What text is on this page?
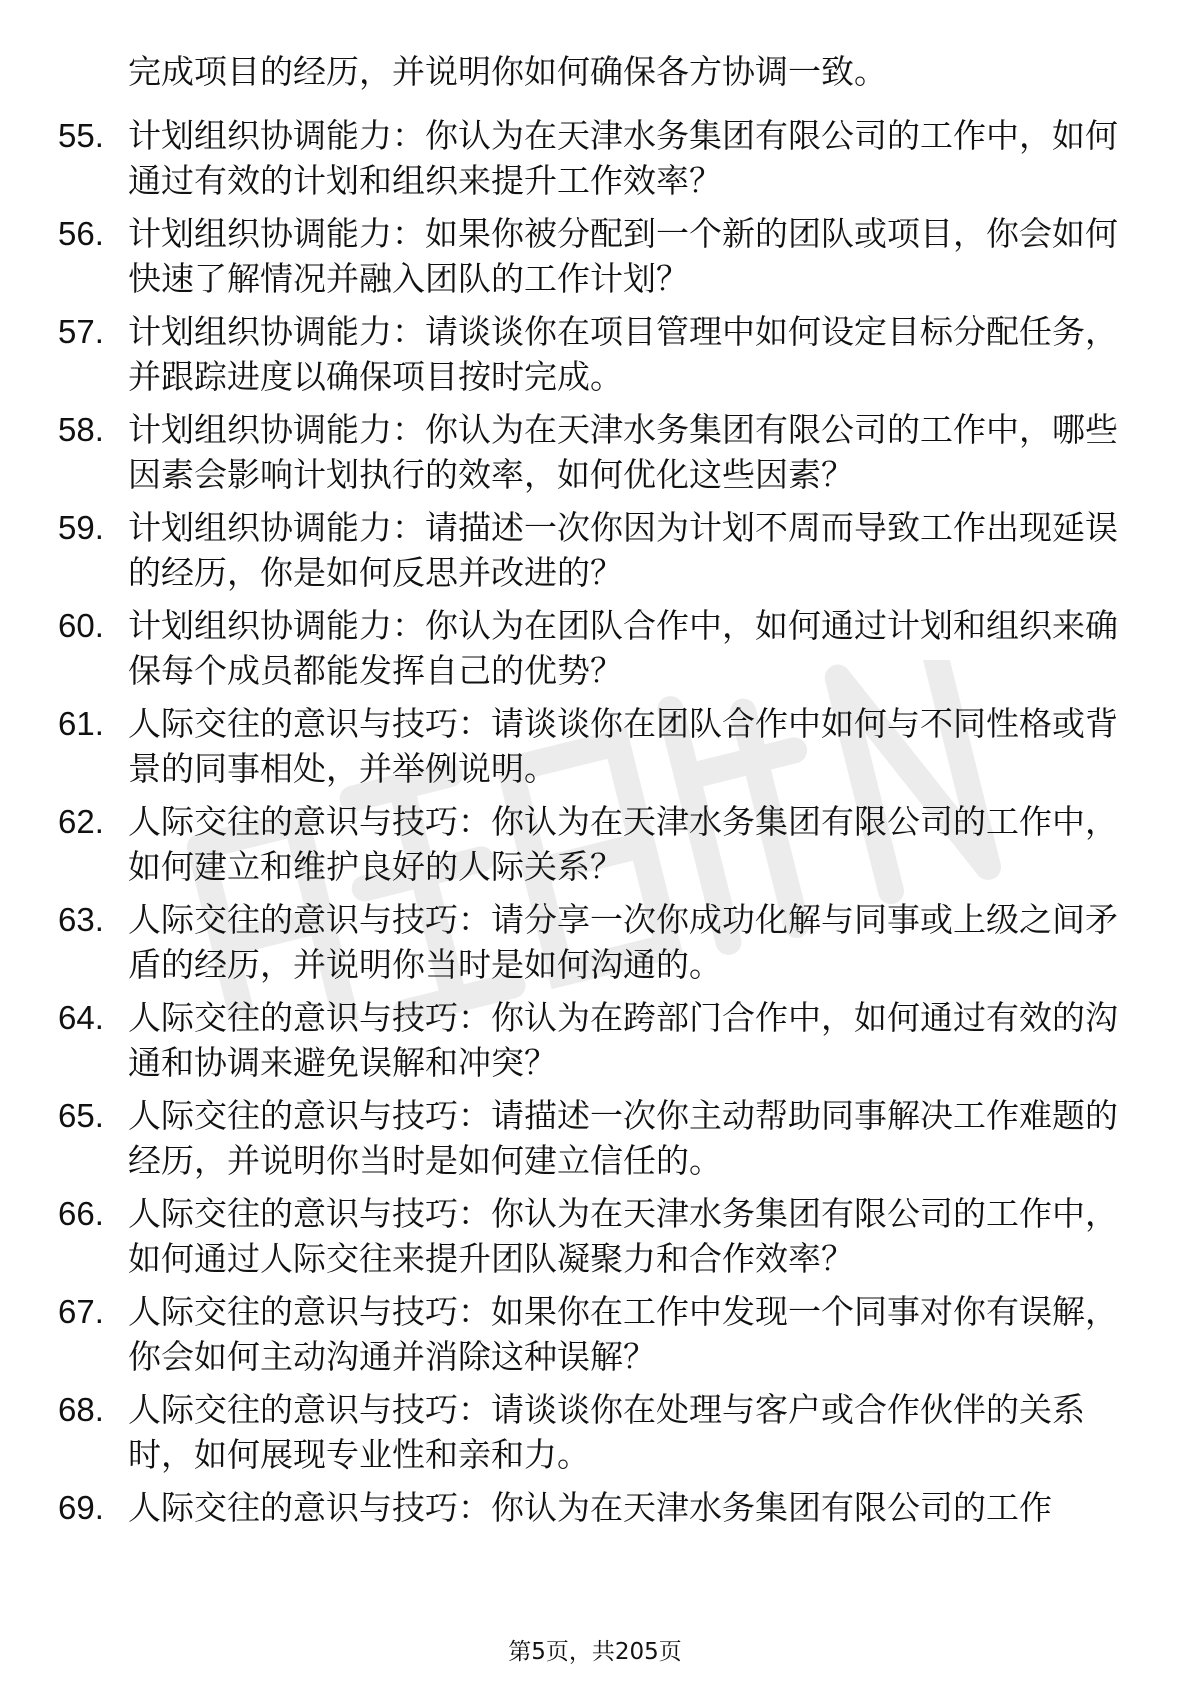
完成项目的经历，并说明你如何确保各方协调一致。
55. 计划组织协调能力：你认为在天津水务集团有限公司的工作中，如何通过有效的计划和组织来提升工作效率？
56. 计划组织协调能力：如果你被分配到一个新的团队或项目，你会如何快速了解情况并融入团队的工作计划？
57. 计划组织协调能力：请谈谈你在项目管理中如何设定目标分配任务，并跟踪进度以确保项目按时完成。
58. 计划组织协调能力：你认为在天津水务集团有限公司的工作中，哪些因素会影响计划执行的效率，如何优化这些因素？
59. 计划组织协调能力：请描述一次你因为计划不周而导致工作出现延误的经历，你是如何反思并改进的？
60. 计划组织协调能力：你认为在团队合作中，如何通过计划和组织来确保每个成员都能发挥自己的优势？
61. 人际交往的意识与技巧：请谈谈你在团队合作中如何与不同性格或背景的同事相处，并举例说明。
62. 人际交往的意识与技巧：你认为在天津水务集团有限公司的工作中，如何建立和维护良好的人际关系？
63. 人际交往的意识与技巧：请分享一次你成功化解与同事或上级之间矛盾的经历，并说明你当时是如何沟通的。
64. 人际交往的意识与技巧：你认为在跨部门合作中，如何通过有效的沟通和协调来避免误解和冲突？
65. 人际交往的意识与技巧：请描述一次你主动帮助同事解决工作难题的经历，并说明你当时是如何建立信任的。
66. 人际交往的意识与技巧：你认为在天津水务集团有限公司的工作中，如何通过人际交往来提升团队凝聚力和合作效率？
67. 人际交往的意识与技巧：如果你在工作中发现一个同事对你有误解，你会如何主动沟通并消除这种误解？
68. 人际交往的意识与技巧：请谈谈你在处理与客户或合作伙伴的关系时，如何展现专业性和亲和力。
69. 人际交往的意识与技巧：你认为在天津水务集团有限公司的工作
第5页，共205页
